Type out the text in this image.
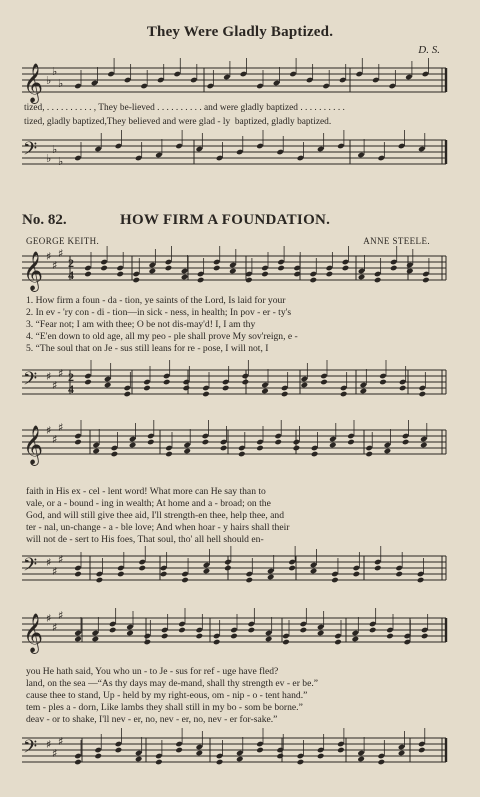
They Were Gladly Baptized.
D. S.
𝄞 ♭
♭
♭
tized, . . . . . . . . . . , They be-lieved . . . . . . . . . . and were gladly baptized . . . . . . . . . .
tized, gladly baptized,They believed and were glad - ly  baptized, gladly baptized.
𝄢 ♭
♭
♭
No. 82.	HOW FIRM A FOUNDATION.
GEORGE KEITH.	ANNE STEELE.
𝄞 ♯
♯
♯
2
4
1. How firm a foun - da - tion, ye saints of the Lord, Is laid for your
2. In ev - 'ry con - di - tion—in sick - ness, in health; In pov - er - ty's
3. “Fear not; I am with thee; O be not dis-may'd! I, I am thy
4. “E'en down to old age, all my peo - ple shall prove My sov'reign, e -
5. “The soul that on Je - sus still leans for re - pose, I will not, I
𝄢 ♯
♯
♯ 2
4
𝄞 ♯
♯
♯
faith in His ex - cel - lent word! What more can He say than to
vale, or a - bound - ing in wealth; At home and a - broad; on the
God, and will still give thee aid, I'll strength-en thee, help thee, and
ter - nal, un-change - a - ble love; And when hoar - y hairs shall their
will not de - sert to His foes, That soul, tho' all hell should en-
𝄢 ♯
♯
♯
𝄞 ♯
♯
♯
you He hath said, You who un - to Je - sus for ref - uge have fled?
land, on the sea —“As thy days may de-mand, shall thy strength ev - er be.”
cause thee to stand, Up - held by my right-eous, om - nip - o - tent hand.”
tem - ples a - dorn, Like lambs they shall still in my bo - som be borne.”
deav - or to shake, I'll nev - er, no, nev - er, no, nev - er for-sake.”
𝄢 ♯
♯
♯
